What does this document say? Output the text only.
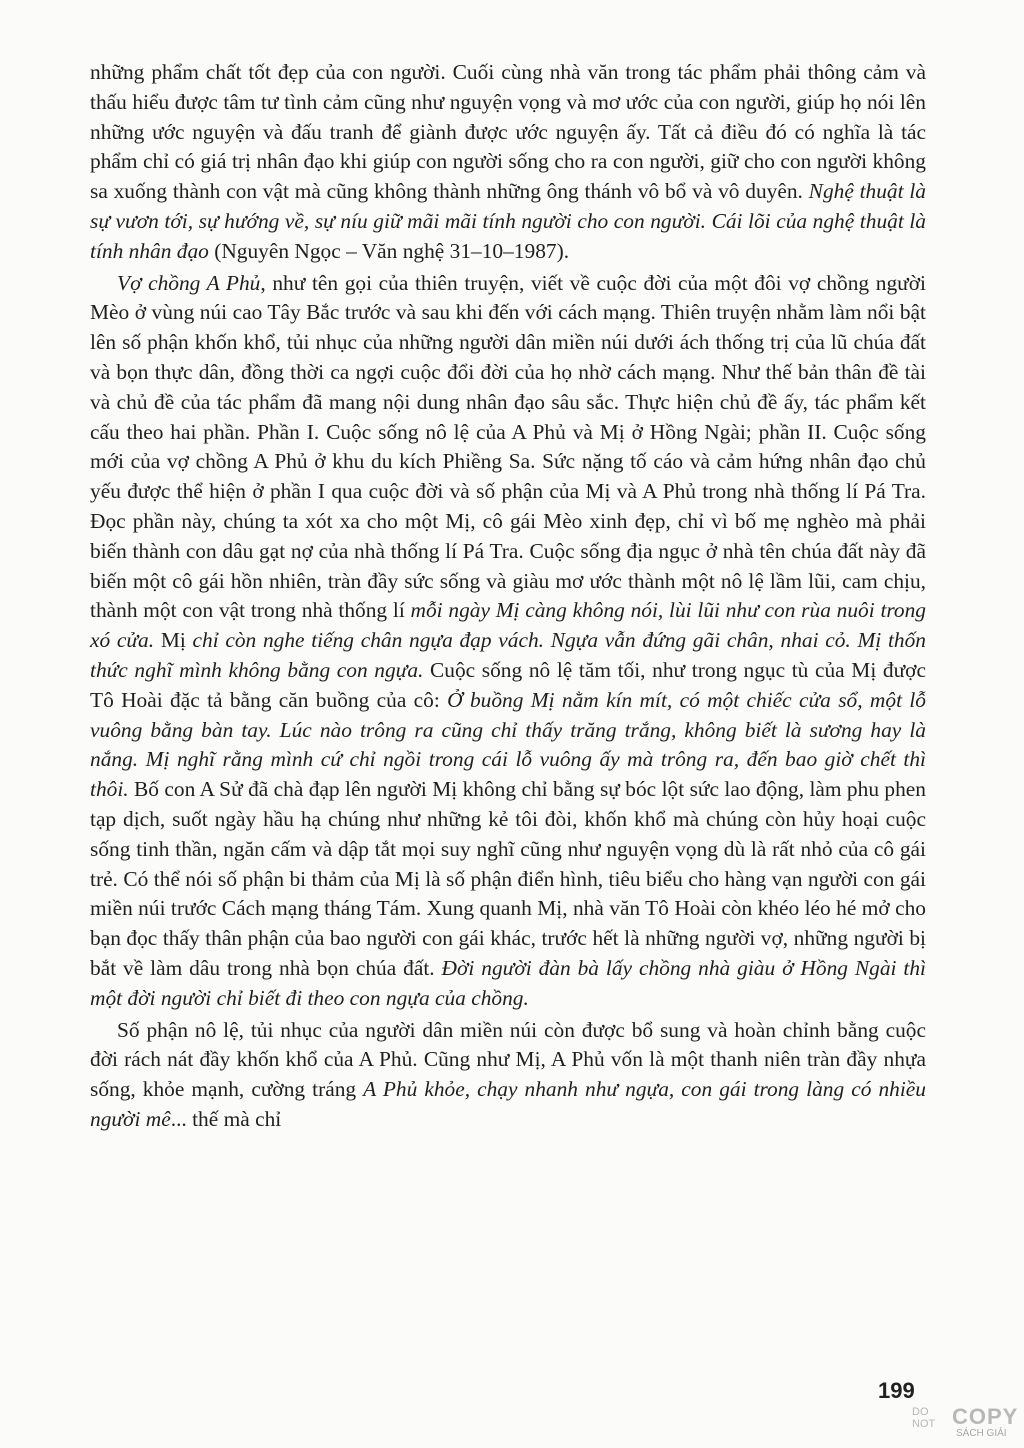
những phẩm chất tốt đẹp của con người. Cuối cùng nhà văn trong tác phẩm phải thông cảm và thấu hiểu được tâm tư tình cảm cũng như nguyện vọng và mơ ước của con người, giúp họ nói lên những ước nguyện và đấu tranh để giành được ước nguyện ấy. Tất cả điều đó có nghĩa là tác phẩm chỉ có giá trị nhân đạo khi giúp con người sống cho ra con người, giữ cho con người không sa xuống thành con vật mà cũng không thành những ông thánh vô bổ và vô duyên. Nghệ thuật là sự vươn tới, sự hướng về, sự níu giữ mãi mãi tính người cho con người. Cái lõi của nghệ thuật là tính nhân đạo (Nguyên Ngọc – Văn nghệ 31–10–1987).

Vợ chồng A Phủ, như tên gọi của thiên truyện, viết về cuộc đời của một đôi vợ chồng người Mèo ở vùng núi cao Tây Bắc trước và sau khi đến với cách mạng. Thiên truyện nhằm làm nổi bật lên số phận khốn khổ, tủi nhục của những người dân miền núi dưới ách thống trị của lũ chúa đất và bọn thực dân, đồng thời ca ngợi cuộc đổi đời của họ nhờ cách mạng. Như thế bản thân đề tài và chủ đề của tác phẩm đã mang nội dung nhân đạo sâu sắc. Thực hiện chủ đề ấy, tác phẩm kết cấu theo hai phần. Phần I. Cuộc sống nô lệ của A Phủ và Mị ở Hồng Ngài; phần II. Cuộc sống mới của vợ chồng A Phủ ở khu du kích Phiềng Sa. Sức nặng tố cáo và cảm hứng nhân đạo chủ yếu được thể hiện ở phần I qua cuộc đời và số phận của Mị và A Phủ trong nhà thống lí Pá Tra. Đọc phần này, chúng ta xót xa cho một Mị, cô gái Mèo xinh đẹp, chỉ vì bố mẹ nghèo mà phải biến thành con dâu gạt nợ của nhà thống lí Pá Tra. Cuộc sống địa ngục ở nhà tên chúa đất này đã biến một cô gái hồn nhiên, tràn đầy sức sống và giàu mơ ước thành một nô lệ lầm lũi, cam chịu, thành một con vật trong nhà thống lí mỗi ngày Mị càng không nói, lùi lũi như con rùa nuôi trong xó cửa. Mị chỉ còn nghe tiếng chân ngựa đạp vách. Ngựa vẫn đứng gãi chân, nhai cỏ. Mị thốn thức nghĩ mình không bằng con ngựa. Cuộc sống nô lệ tăm tối, như trong ngục tù của Mị được Tô Hoài đặc tả bằng căn buồng của cô: Ở buồng Mị nằm kín mít, có một chiếc cửa sổ, một lỗ vuông bằng bàn tay. Lúc nào trông ra cũng chỉ thấy trăng trắng, không biết là sương hay là nắng. Mị nghĩ rằng mình cứ chỉ ngồi trong cái lỗ vuông ấy mà trông ra, đến bao giờ chết thì thôi. Bố con A Sử đã chà đạp lên người Mị không chỉ bằng sự bóc lột sức lao động, làm phu phen tạp dịch, suốt ngày hầu hạ chúng như những kẻ tôi đòi, khốn khổ mà chúng còn hủy hoại cuộc sống tinh thần, ngăn cấm và dập tắt mọi suy nghĩ cũng như nguyện vọng dù là rất nhỏ của cô gái trẻ. Có thể nói số phận bi thảm của Mị là số phận điển hình, tiêu biểu cho hàng vạn người con gái miền núi trước Cách mạng tháng Tám. Xung quanh Mị, nhà văn Tô Hoài còn khéo léo hé mở cho bạn đọc thấy thân phận của bao người con gái khác, trước hết là những người vợ, những người bị bắt về làm dâu trong nhà bọn chúa đất. Đời người đàn bà lấy chồng nhà giàu ở Hồng Ngài thì một đời người chỉ biết đi theo con ngựa của chồng.

Số phận nô lệ, tủi nhục của người dân miền núi còn được bổ sung và hoàn chỉnh bằng cuộc đời rách nát đầy khốn khổ của A Phủ. Cũng như Mị, A Phủ vốn là một thanh niên tràn đầy nhựa sống, khỏe mạnh, cường tráng A Phủ khỏe, chạy nhanh như ngựa, con gái trong làng có nhiều người mê... thế mà chỉ

199
DO
NOT COPY
SÁCH GIẢI
